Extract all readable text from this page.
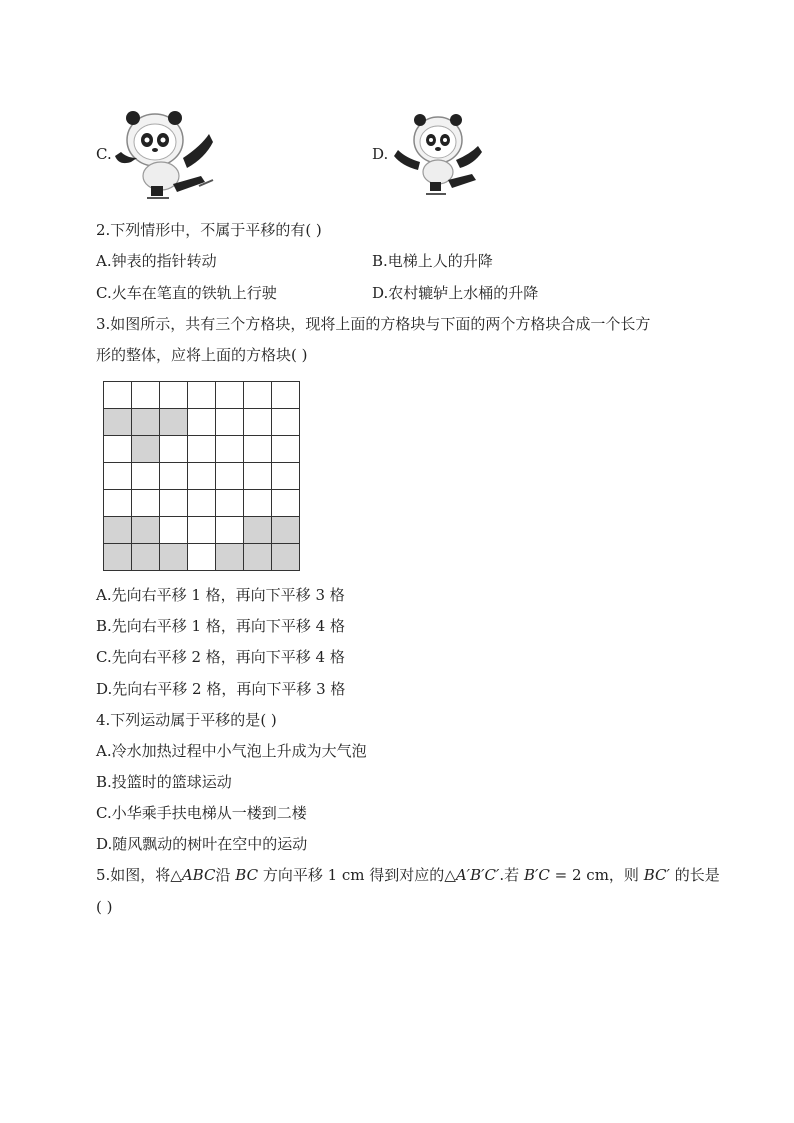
C.	D.
2.下列情形中，不属于平移的有( )
A.钟表的指针转动	B.电梯上人的升降
C.火车在笔直的铁轨上行驶	D.农村辘轳上水桶的升降
3.如图所示，共有三个方格块，现将上面的方格块与下面的两个方格块合成一个长方
形的整体，应将上面的方格块( )
A.先向右平移 1 格，再向下平移 3 格
B.先向右平移 1 格，再向下平移 4 格
C.先向右平移 2 格，再向下平移 4 格
D.先向右平移 2 格，再向下平移 3 格
4.下列运动属于平移的是( )
A.冷水加热过程中小气泡上升成为大气泡
B.投篮时的篮球运动
C.小华乘手扶电梯从一楼到二楼
D.随风飘动的树叶在空中的运动
5.如图，将△ABC沿 BC 方向平移 1 cm 得到对应的△A′B′C′.若 B′C = 2 cm，则 BC′ 的长是
( )
